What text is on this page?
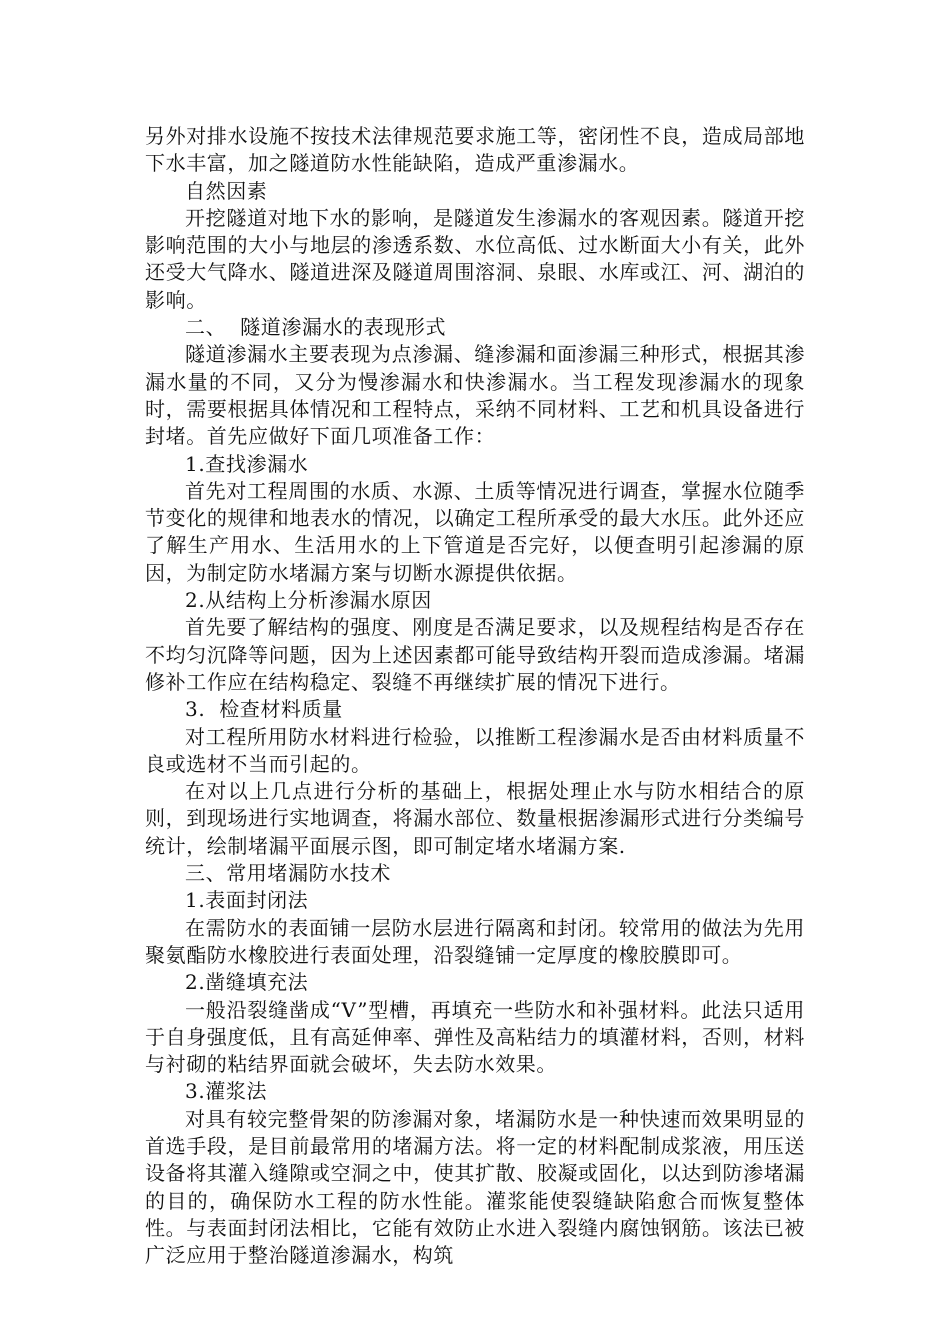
另外对排水设施不按技术法律规范要求施工等，密闭性不良，造成局部地下水丰富，加之隧道防水性能缺陷，造成严重渗漏水。

自然因素

开挖隧道对地下水的影响，是隧道发生渗漏水的客观因素。隧道开挖影响范围的大小与地层的渗透系数、水位高低、过水断面大小有关，此外还受大气降水、隧道进深及隧道周围溶洞、泉眼、水库或江、河、湖泊的影响。

二、  隧道渗漏水的表现形式

隧道渗漏水主要表现为点渗漏、缝渗漏和面渗漏三种形式，根据其渗漏水量的不同，又分为慢渗漏水和快渗漏水。当工程发现渗漏水的现象时，需要根据具体情况和工程特点，采纳不同材料、工艺和机具设备进行封堵。首先应做好下面几项准备工作：

1.查找渗漏水

首先对工程周围的水质、水源、土质等情况进行调查，掌握水位随季节变化的规律和地表水的情况，以确定工程所承受的最大水压。此外还应了解生产用水、生活用水的上下管道是否完好，以便查明引起渗漏的原因，为制定防水堵漏方案与切断水源提供依据。

2.从结构上分析渗漏水原因

首先要了解结构的强度、刚度是否满足要求，以及规程结构是否存在不均匀沉降等问题，因为上述因素都可能导致结构开裂而造成渗漏。堵漏修补工作应在结构稳定、裂缝不再继续扩展的情况下进行。

3.  检查材料质量

对工程所用防水材料进行检验，以推断工程渗漏水是否由材料质量不良或选材不当而引起的。

在对以上几点进行分析的基础上，根据处理止水与防水相结合的原则，到现场进行实地调查，将漏水部位、数量根据渗漏形式进行分类编号统计，绘制堵漏平面展示图，即可制定堵水堵漏方案.

三、常用堵漏防水技术

1.表面封闭法

在需防水的表面铺一层防水层进行隔离和封闭。较常用的做法为先用聚氨酯防水橡胶进行表面处理，沿裂缝铺一定厚度的橡胶膜即可。

2.凿缝填充法

一般沿裂缝凿成“V”型槽，再填充一些防水和补强材料。此法只适用于自身强度低，且有高延伸率、弹性及高粘结力的填灌材料，否则，材料与衬砌的粘结界面就会破坏，失去防水效果。

3.灌浆法

对具有较完整骨架的防渗漏对象，堵漏防水是一种快速而效果明显的首选手段，是目前最常用的堵漏方法。将一定的材料配制成浆液，用压送设备将其灌入缝隙或空洞之中，使其扩散、胶凝或固化，以达到防渗堵漏的目的，确保防水工程的防水性能。灌浆能使裂缝缺陷愈合而恢复整体性。与表面封闭法相比，它能有效防止水进入裂缝内腐蚀钢筋。该法已被广泛应用于整治隧道渗漏水，构筑
